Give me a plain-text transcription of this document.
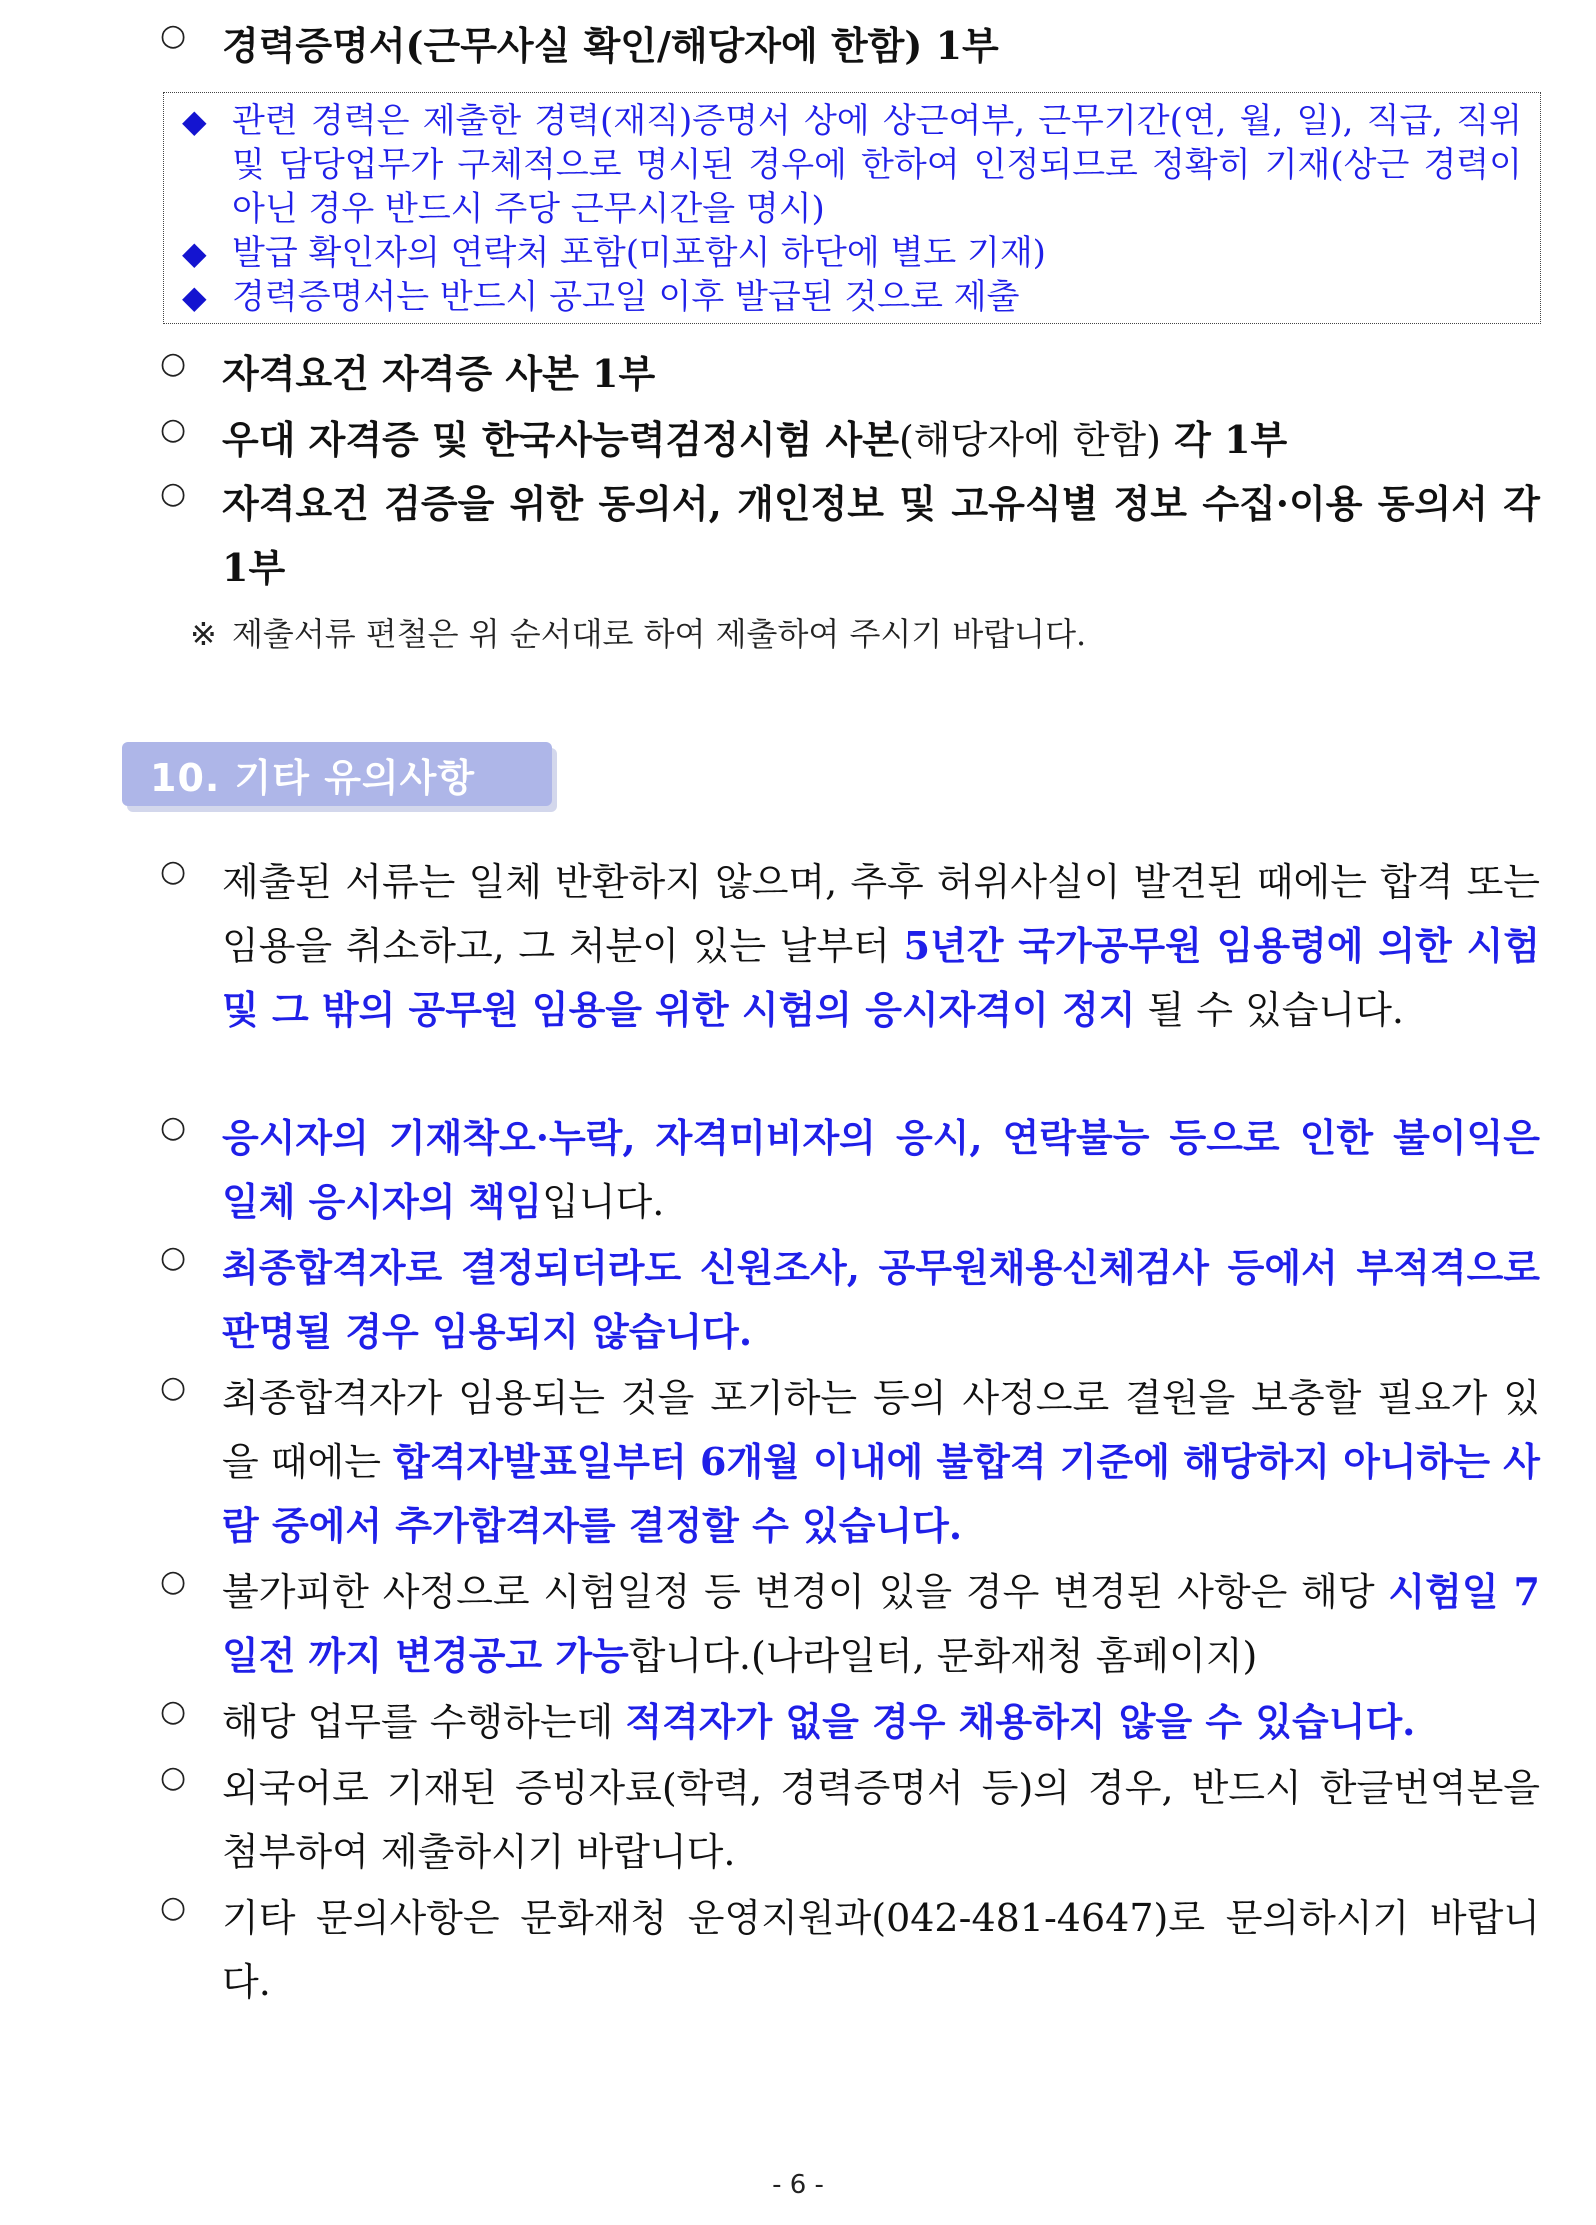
○ 경력증명서(근무사실 확인/해당자에 한함) 1부
◆ 관련 경력은 제출한 경력(재직)증명서 상에 상근여부, 근무기간(연, 월, 일), 직급, 직위 및 담당업무가 구체적으로 명시된 경우에 한하여 인정되므로 정확히 기재(상근 경력이 아닌 경우 반드시 주당 근무시간을 명시)
◆ 발급 확인자의 연락처 포함(미포함시 하단에 별도 기재)
◆ 경력증명서는 반드시 공고일 이후 발급된 것으로 제출
○ 자격요건 자격증 사본 1부
○ 우대 자격증 및 한국사능력검정시험 사본(해당자에 한함) 각 1부
○ 자격요건 검증을 위한 동의서, 개인정보 및 고유식별 정보 수집·이용 동의서 각 1부
※ 제출서류 편철은 위 순서대로 하여 제출하여 주시기 바랍니다.
10. 기타 유의사항
○ 제출된 서류는 일체 반환하지 않으며, 추후 허위사실이 발견된 때에는 합격 또는 임용을 취소하고, 그 처분이 있는 날부터 5년간 국가공무원 임용령에 의한 시험 및 그 밖의 공무원 임용을 위한 시험의 응시자격이 정지 될 수 있습니다.
○ 응시자의 기재착오·누락, 자격미비자의 응시, 연락불능 등으로 인한 불이익은 일체 응시자의 책임입니다.
○ 최종합격자로 결정되더라도 신원조사, 공무원채용신체검사 등에서 부적격으로 판명될 경우 임용되지 않습니다.
○ 최종합격자가 임용되는 것을 포기하는 등의 사정으로 결원을 보충할 필요가 있을 때에는 합격자발표일부터 6개월 이내에 불합격 기준에 해당하지 아니하는 사람 중에서 추가합격자를 결정할 수 있습니다.
○ 불가피한 사정으로 시험일정 등 변경이 있을 경우 변경된 사항은 해당 시험일 7일전 까지 변경공고 가능합니다.(나라일터, 문화재청 홈페이지)
○ 해당 업무를 수행하는데 적격자가 없을 경우 채용하지 않을 수 있습니다.
○ 외국어로 기재된 증빙자료(학력, 경력증명서 등)의 경우, 반드시 한글번역본을 첨부하여 제출하시기 바랍니다.
○ 기타 문의사항은 문화재청 운영지원과(042-481-4647)로 문의하시기 바랍니다.
- 6 -
